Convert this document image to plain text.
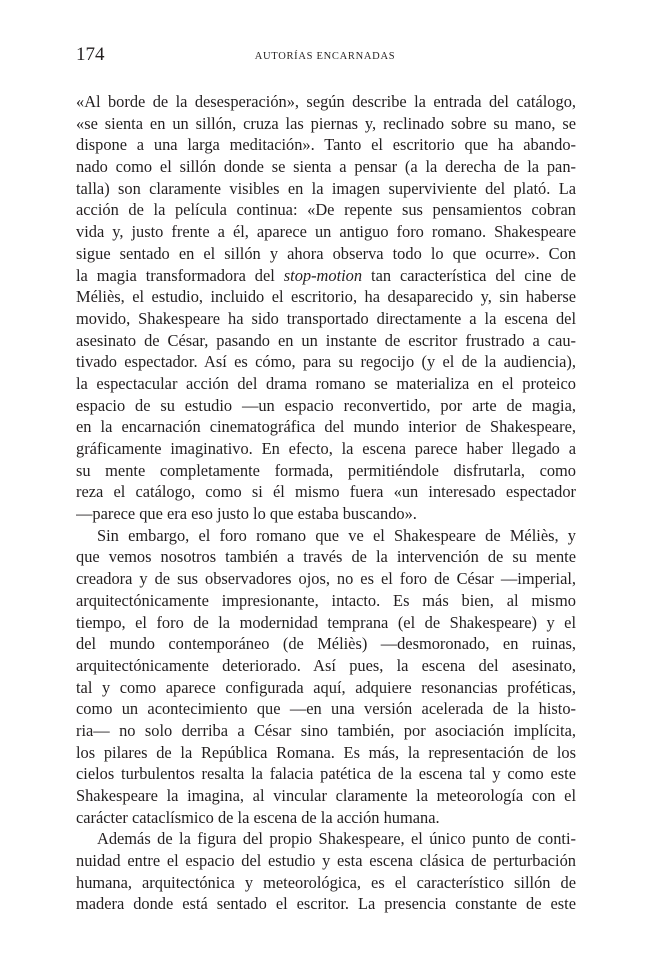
174	AUTORÍAS ENCARNADAS
«Al borde de la desesperación», según describe la entrada del catálogo,
«se sienta en un sillón, cruza las piernas y, reclinado sobre su mano, se
dispone a una larga meditación». Tanto el escritorio que ha abando-
nado como el sillón donde se sienta a pensar (a la derecha de la pan-
talla) son claramente visibles en la imagen superviviente del plató. La
acción de la película continua: «De repente sus pensamientos cobran
vida y, justo frente a él, aparece un antiguo foro romano. Shakespeare
sigue sentado en el sillón y ahora observa todo lo que ocurre». Con
la magia transformadora del stop-motion tan característica del cine de
Méliès, el estudio, incluido el escritorio, ha desaparecido y, sin haberse
movido, Shakespeare ha sido transportado directamente a la escena del
asesinato de César, pasando en un instante de escritor frustrado a cau-
tivado espectador. Así es cómo, para su regocijo (y el de la audiencia),
la espectacular acción del drama romano se materializa en el proteico
espacio de su estudio —un espacio reconvertido, por arte de magia,
en la encarnación cinematográfica del mundo interior de Shakespeare,
gráficamente imaginativo. En efecto, la escena parece haber llegado a
su mente completamente formada, permitiéndole disfrutarla, como
reza el catálogo, como si él mismo fuera «un interesado espectador
—parece que era eso justo lo que estaba buscando».
Sin embargo, el foro romano que ve el Shakespeare de Méliès, y
que vemos nosotros también a través de la intervención de su mente
creadora y de sus observadores ojos, no es el foro de César —imperial,
arquitectónicamente impresionante, intacto. Es más bien, al mismo
tiempo, el foro de la modernidad temprana (el de Shakespeare) y el
del mundo contemporáneo (de Méliès) —desmoronado, en ruinas,
arquitectónicamente deteriorado. Así pues, la escena del asesinato,
tal y como aparece configurada aquí, adquiere resonancias proféticas,
como un acontecimiento que —en una versión acelerada de la histo-
ria— no solo derriba a César sino también, por asociación implícita,
los pilares de la República Romana. Es más, la representación de los
cielos turbulentos resalta la falacia patética de la escena tal y como este
Shakespeare la imagina, al vincular claramente la meteorología con el
carácter cataclísmico de la escena de la acción humana.
Además de la figura del propio Shakespeare, el único punto de conti-
nuidad entre el espacio del estudio y esta escena clásica de perturbación
humana, arquitectónica y meteorológica, es el característico sillón de
madera donde está sentado el escritor. La presencia constante de este
